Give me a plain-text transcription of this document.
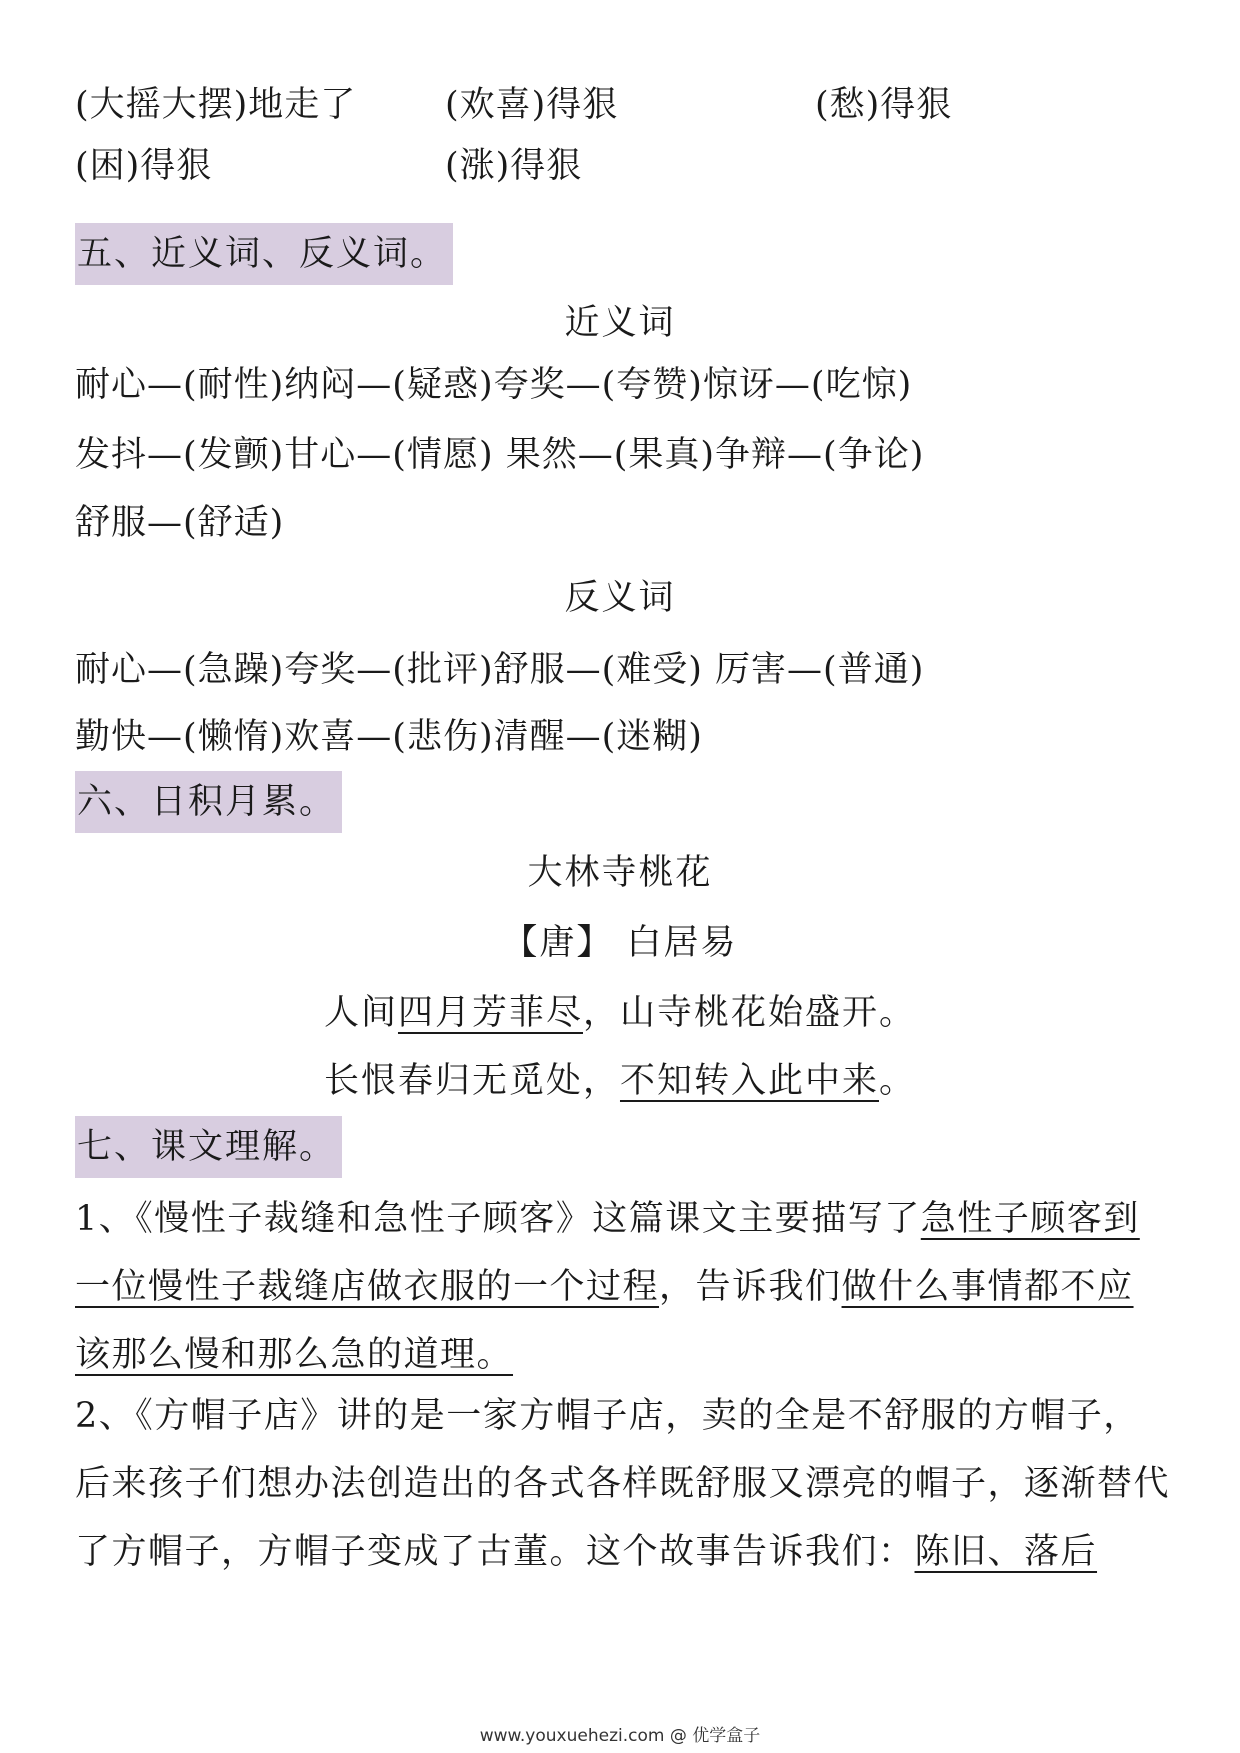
(大摇大摆)地走了	(欢喜)得狠	(愁)得狠
(困)得狠	(涨)得狠
五、近义词、反义词。
近义词
耐心—(耐性)纳闷—(疑惑)夸奖—(夸赞)惊讶—(吃惊)
发抖—(发颤)甘心—(情愿) 果然—(果真)争辩—(争论)
舒服—(舒适)
反义词
耐心—(急躁)夸奖—(批评)舒服—(难受) 厉害—(普通)
勤快—(懒惰)欢喜—(悲伤)清醒—(迷糊)
六、日积月累。
大林寺桃花
【唐】 白居易
人间四月芳菲尽，山寺桃花始盛开。
长恨春归无觅处，不知转入此中来。
七、课文理解。
1、《慢性子裁缝和急性子顾客》这篇课文主要描写了急性子顾客到一位慢性子裁缝店做衣服的一个过程，告诉我们做什么事情都不应该那么慢和那么急的道理。
2、《方帽子店》讲的是一家方帽子店，卖的全是不舒服的方帽子，后来孩子们想办法创造出的各式各样既舒服又漂亮的帽子，逐渐替代了方帽子，方帽子变成了古董。这个故事告诉我们：陈旧、落后
www.youxuehezi.com @ 优学盒子
